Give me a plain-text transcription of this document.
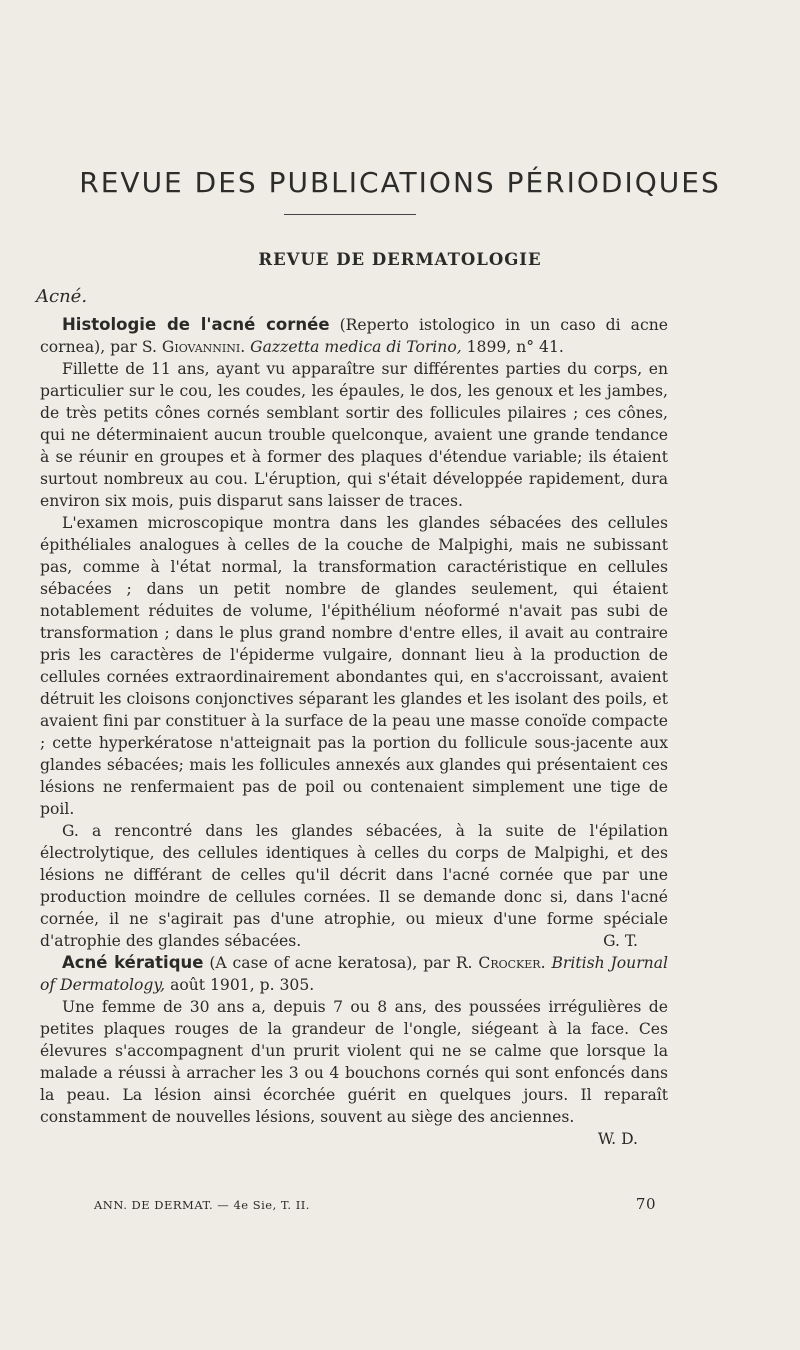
REVUE DES PUBLICATIONS PÉRIODIQUES
REVUE DE DERMATOLOGIE
Acné.

Histologie de l'acné cornée (Reperto istologico in un caso di acne cornea), par S. Giovannini. Gazzetta medica di Torino, 1899, n° 41.

Fillette de 11 ans, ayant vu apparaître sur différentes parties du corps, en particulier sur le cou, les coudes, les épaules, le dos, les genoux et les jambes, de très petits cônes cornés semblant sortir des follicules pilaires ; ces cônes, qui ne déterminaient aucun trouble quelconque, avaient une grande tendance à se réunir en groupes et à former des plaques d'étendue variable; ils étaient surtout nombreux au cou. L'éruption, qui s'était développée rapidement, dura environ six mois, puis disparut sans laisser de traces.

L'examen microscopique montra dans les glandes sébacées des cellules épithéliales analogues à celles de la couche de Malpighi, mais ne subissant pas, comme à l'état normal, la transformation caractéristique en cellules sébacées ; dans un petit nombre de glandes seulement, qui étaient notablement réduites de volume, l'épithélium néoformé n'avait pas subi de transformation ; dans le plus grand nombre d'entre elles, il avait au contraire pris les caractères de l'épiderme vulgaire, donnant lieu à la production de cellules cornées extraordinairement abondantes qui, en s'accroissant, avaient détruit les cloisons conjonctives séparant les glandes et les isolant des poils, et avaient fini par constituer à la surface de la peau une masse conoïde compacte ; cette hyperkératose n'atteignait pas la portion du follicule sous-jacente aux glandes sébacées; mais les follicules annexés aux glandes qui présentaient ces lésions ne renfermaient pas de poil ou contenaient simplement une tige de poil.

G. a rencontré dans les glandes sébacées, à la suite de l'épilation électrolytique, des cellules identiques à celles du corps de Malpighi, et des lésions ne différant de celles qu'il décrit dans l'acné cornée que par une production moindre de cellules cornées. Il se demande donc si, dans l'acné cornée, il ne s'agirait pas d'une atrophie, ou mieux d'une forme spéciale d'atrophie des glandes sébacées.	G. T.

Acné kératique (A case of acne keratosa), par R. Crocker. British Journal of Dermatology, août 1901, p. 305.

Une femme de 30 ans a, depuis 7 ou 8 ans, des poussées irrégulières de petites plaques rouges de la grandeur de l'ongle, siégeant à la face. Ces élevures s'accompagnent d'un prurit violent qui ne se calme que lorsque la malade a réussi à arracher les 3 ou 4 bouchons cornés qui sont enfoncés dans la peau. La lésion ainsi écorchée guérit en quelques jours. Il reparaît constamment de nouvelles lésions, souvent au siège des anciennes.

W. D.

ANN. DE DERMAT. — 4e Sie, T. II.	70
